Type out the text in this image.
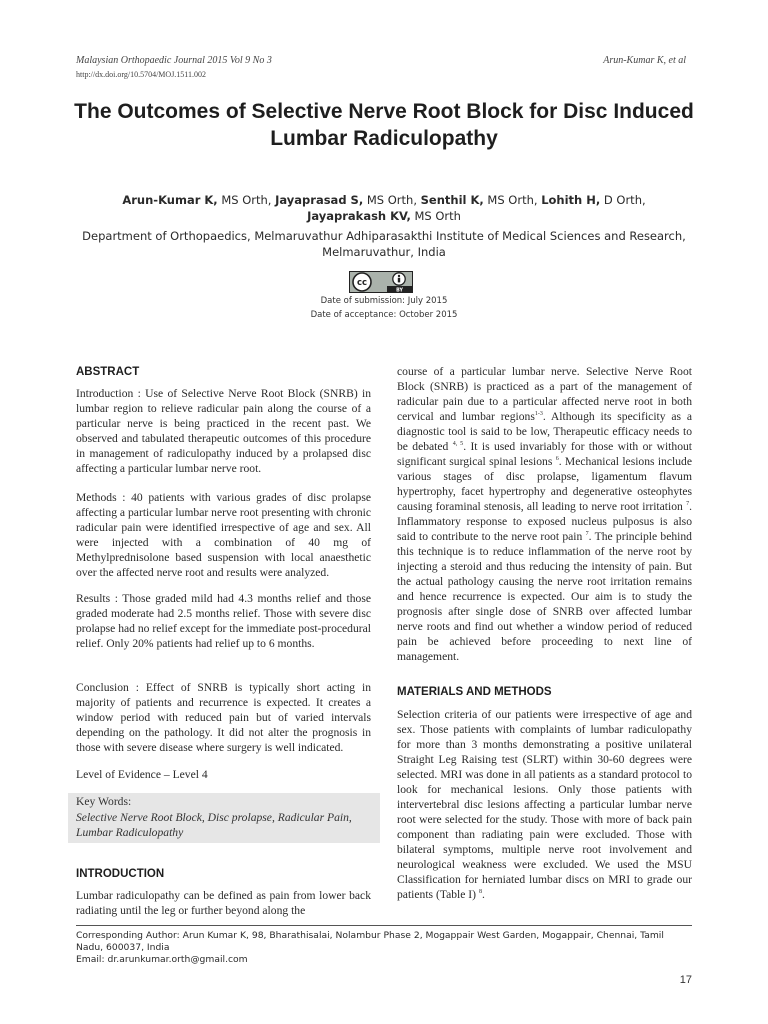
Malaysian Orthopaedic Journal 2015 Vol 9 No 3
http://dx.doi.org/10.5704/MOJ.1511.002
Arun-Kumar K, et al
The Outcomes of Selective Nerve Root Block for Disc Induced Lumbar Radiculopathy
Arun-Kumar K, MS Orth, Jayaprasad S, MS Orth, Senthil K, MS Orth, Lohith H, D Orth,
Jayaprakash KV, MS Orth
Department of Orthopaedics, Melmaruvathur Adhiparasakthi Institute of Medical Sciences and Research, Melmaruvathur, India
cc
BY
Date of submission: July 2015
Date of acceptance: October 2015
ABSTRACT

Introduction : Use of Selective Nerve Root Block (SNRB) in lumbar region to relieve radicular pain along the course of a particular nerve is being practiced in the recent past. We observed and tabulated therapeutic outcomes of this procedure in management of radiculopathy induced by a prolapsed disc affecting a particular lumbar nerve root.

Methods : 40 patients with various grades of disc prolapse affecting a particular lumbar nerve root presenting with chronic radicular pain were identified irrespective of age and sex. All were injected with a combination of 40 mg of Methylprednisolone based suspension with local anaesthetic over the affected nerve root and results were analyzed.

Results : Those graded mild had 4.3 months relief and those graded moderate had 2.5 months relief. Those with severe disc prolapse had no relief except for the immediate post-procedural relief. Only 20% patients had relief up to 6 months.

Conclusion : Effect of SNRB is typically short acting in majority of patients and recurrence is expected. It creates a window period with reduced pain but of varied intervals depending on the pathology. It did not alter the prognosis in those with severe disease where surgery is well indicated.

Level of Evidence – Level 4

Key Words:
Selective Nerve Root Block, Disc prolapse, Radicular Pain, Lumbar Radiculopathy
INTRODUCTION

Lumbar radiculopathy can be defined as pain from lower back radiating until the leg or further beyond along the

course of a particular lumbar nerve. Selective Nerve Root Block (SNRB) is practiced as a part of the management of radicular pain due to a particular affected nerve root in both cervical and lumbar regions$^{1-3}$. Although its specificity as a diagnostic tool is said to be low, Therapeutic efficacy needs to be debated $^{4, 5}$. It is used invariably for those with or without significant surgical spinal lesions $^6$. Mechanical lesions include various stages of disc prolapse, ligamentum flavum hypertrophy, facet hypertrophy and degenerative osteophytes causing foraminal stenosis, all leading to nerve root irritation $^7$. Inflammatory response to exposed nucleus pulposus is also said to contribute to the nerve root pain $^7$. The principle behind this technique is to reduce inflammation of the nerve root by injecting a steroid and thus reducing the intensity of pain. But the actual pathology causing the nerve root irritation remains and hence recurrence is expected. Our aim is to study the prognosis after single dose of SNRB over affected lumbar nerve roots and find out whether a window period of reduced pain be achieved before proceeding to next line of management.

MATERIALS AND METHODS

Selection criteria of our patients were irrespective of age and sex. Those patients with complaints of lumbar radiculopathy for more than 3 months demonstrating a positive unilateral Straight Leg Raising test (SLRT) within 30-60 degrees were selected. MRI was done in all patients as a standard protocol to look for mechanical lesions. Only those patients with intervertebral disc lesions affecting a particular lumbar nerve root were selected for the study. Those with more of back pain component than radiating pain were excluded. Those with bilateral symptoms, multiple nerve root involvement and neurological weakness were excluded. We used the MSU Classification for herniated lumbar discs on MRI to grade our patients (Table I) $^8$.

Corresponding Author: Arun Kumar K, 98, Bharathisalai, Nolambur Phase 2, Mogappair West Garden, Mogappair, Chennai, Tamil Nadu, 600037, India
Email: dr.arunkumar.orth@gmail.com
17
